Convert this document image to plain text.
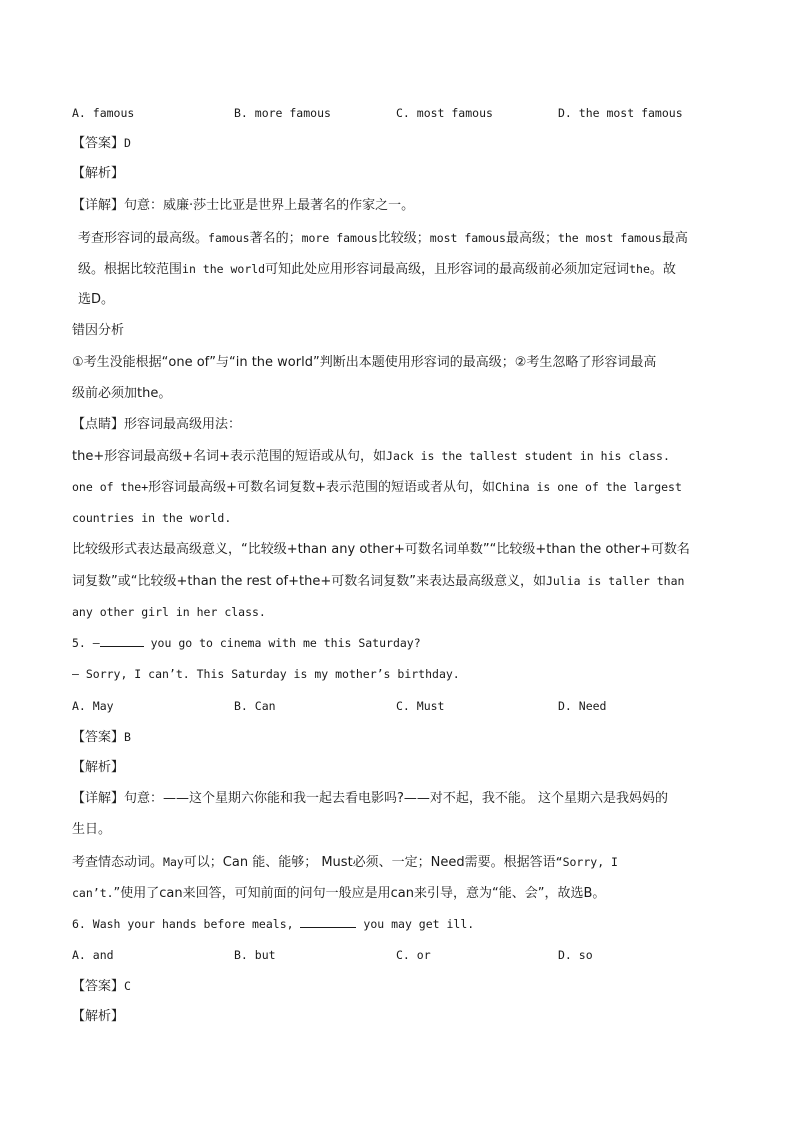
A. famous	B. more famous	C. most famous	D. the most famous
【答案】D
【解析】
【详解】句意：威廉·莎士比亚是世界上最著名的作家之一。
考查形容词的最高级。famous著名的；more famous比较级；most famous最高级；the most famous最高
级。根据比较范围in the world可知此处应用形容词最高级，且形容词的最高级前必须加定冠词the。故
选D。
错因分析
①考生没能根据“one of”与“in the world”判断出本题使用形容词的最高级；②考生忽略了形容词最高
级前必须加the。
【点睛】形容词最高级用法：
the+形容词最高级+名词+表示范围的短语或从句，如Jack is the tallest student in his class.
one of the+形容词最高级+可数名词复数+表示范围的短语或者从句，如China is one of the largest
countries in the world.
比较级形式表达最高级意义，“比较级+than any other+可数名词单数”“比较级+than the other+可数名
词复数”或“比较级+than the rest of+the+可数名词复数”来表达最高级意义，如Julia is taller than
any other girl in her class.
5. —	you go to cinema with me this Saturday?
— Sorry, I can’t. This Saturday is my mother’s birthday.
A. May	B. Can	C. Must	D. Need
【答案】B
【解析】
【详解】句意：——这个星期六你能和我一起去看电影吗?——对不起，我不能。 这个星期六是我妈妈的
生日。
考查情态动词。May可以；Can 能、能够； Must必须、一定；Need需要。根据答语“Sorry, I
can’t.”使用了can来回答，可知前面的问句一般应是用can来引导，意为“能、会”，故选B。
6. Wash your hands before meals,	you may get ill.
A. and	B. but	C. or	D. so
【答案】C
【解析】
